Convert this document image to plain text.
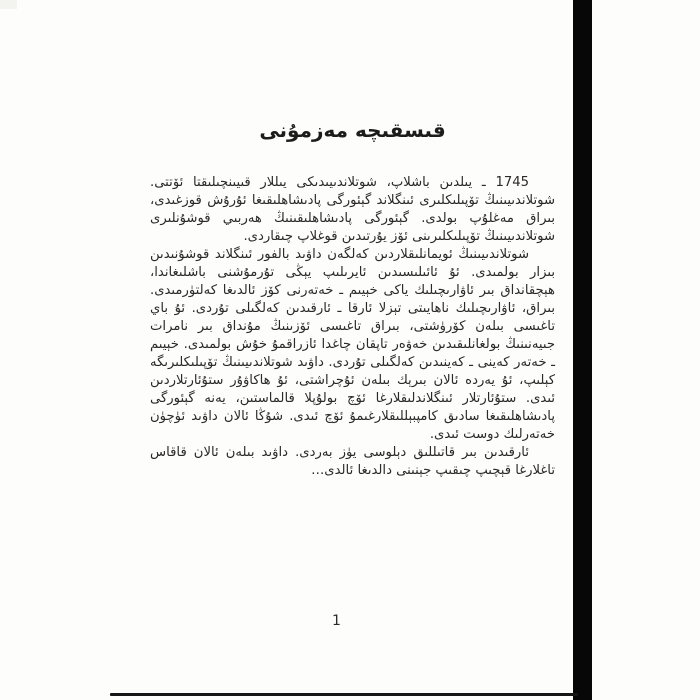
قىسقىچە مەزمۇنى

1745 ـ يىلدىن باشلاپ، شوتلاندىيىدىكى يىللار قىيىنچىلىقتا ئۆتتى. شوتلاندىيىنىڭ تۆپىلىكلىرى ئىنگلاند گېئورگى پادىشاھلىقىغا ئۇرۇش قوزغىدى، بىراق مەغلۇپ بولدى. گېئورگى پادىشاھلىقىنىڭ ھەربىي قوشۇنلىرى شوتلاندىيىنىڭ تۆپىلىكلىرىنى ئۆز يۇرتىدىن قوغلاپ چىقاردى.

شوتلاندىيىنىڭ ئويمانلىقلاردىن كەلگەن داۋىد بالفور ئىنگلاند قوشۇنىدىن بىزار بولمىدى. ئۇ ئائىلىسىدىن ئايرىلىپ يېڭى تۇرمۇشنى باشلىغاندا، ھېچقانداق بىر ئاۋارىچىلىك ياكى خېيىم ـ خەتەرنى كۆز ئالدىغا كەلتۈرمىدى. بىراق، ئاۋارىچىلىك ناھايىتى تېزلا ئارقا ـ ئارقىدىن كەلگىلى تۇردى. ئۇ باي تاغىسى بىلەن كۆرۈشتى، بىراق تاغىسى ئۆزىنىڭ مۇنداق بىر نامرات جىيەنىنىڭ بولغانلىقىدىن خەۋەر تاپقان چاغدا ئازراقمۇ خۇش بولمىدى. خېيىم ـ خەتەر كەينى ـ كەينىدىن كەلگىلى تۇردى. داۋىد شوتلاندىيىنىڭ تۆپىلىكلىرىگە كېلىپ، ئۇ يەردە ئالان بىرېك بىلەن ئۇچراشتى، ئۇ ھاكاۋۇر ستۇئارتلاردىن ئىدى. ستۇئارتلار ئىنگلاندلىقلارغا ئۆچ بولۇپلا قالماستىن، يەنە گېئورگى پادىشاھلىقىغا سادىق كامپبېللىقلارغىمۇ ئۆچ ئىدى. شۇڭا ئالان داۋىد ئۈچۈن خەتەرلىك دوست ئىدى.

ئارقىدىن بىر قاتىللىق دېلوسى يۈز بەردى. داۋىد بىلەن ئالان قاقاس تاغلارغا قېچىپ چىقىپ جېنىنى دالدىغا ئالدى…

1
